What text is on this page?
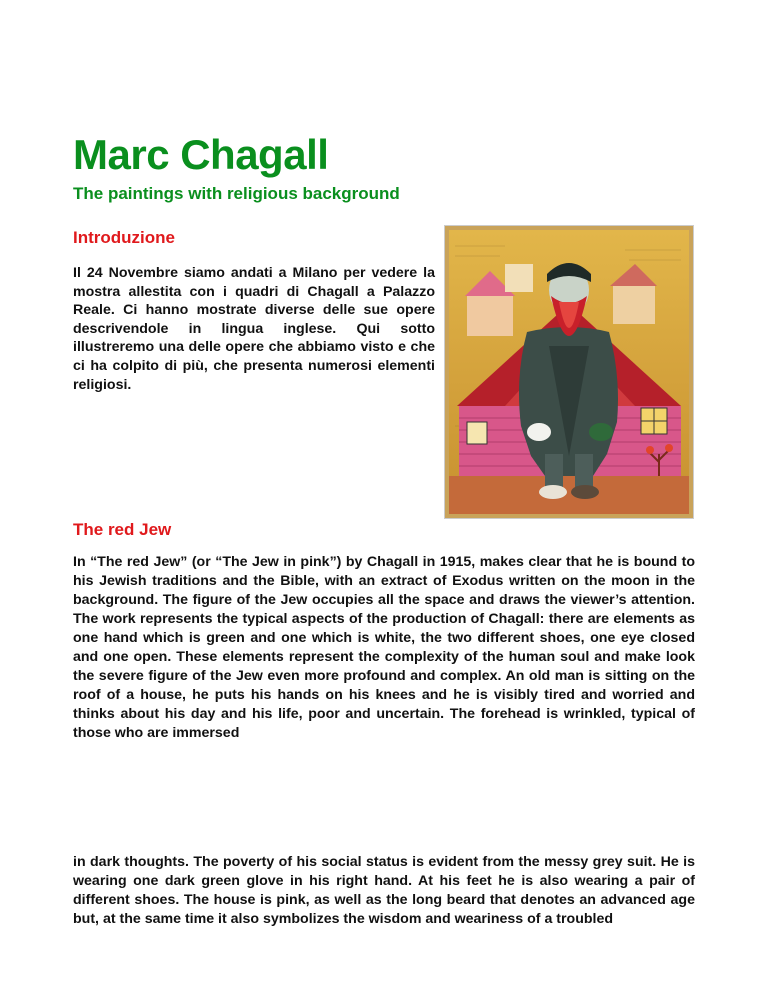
Marc Chagall
The paintings with religious background
Introduzione

Il 24 Novembre siamo andati a Milano per vedere la mostra allestita con i quadri di Chagall a Palazzo Reale. Ci hanno mostrate diverse delle sue opere descrivendole in lingua inglese. Qui sotto illustreremo una delle opere che abbiamo visto e che ci ha colpito di più, che presenta numerosi elementi religiosi.

The red Jew

In “The red Jew” (or “The Jew in pink”) by Chagall in 1915, makes clear that he is bound to his Jewish traditions and the Bible, with an extract of Exodus written on the moon in the background. The figure of the Jew occupies all the space and draws the viewer’s attention. The work represents the typical aspects of the production of Chagall: there are elements as one hand which is green and one which is white, the two different shoes, one eye closed and one open. These elements represent the complexity of the human soul and make look the severe figure of the Jew even more profound and complex. An old man is sitting on the roof of a house, he puts his hands on his knees and he is visibly tired and worried and thinks about his day and his life, poor and uncertain. The forehead is wrinkled, typical of those who are immersed

in dark thoughts. The poverty of his social status is evident from the messy grey suit. He is wearing one dark green glove in his right hand. At his feet he is also wearing a pair of different shoes. The house is pink, as well as the long beard that denotes an advanced age but, at the same time it also symbolizes the wisdom and weariness of a troubled
